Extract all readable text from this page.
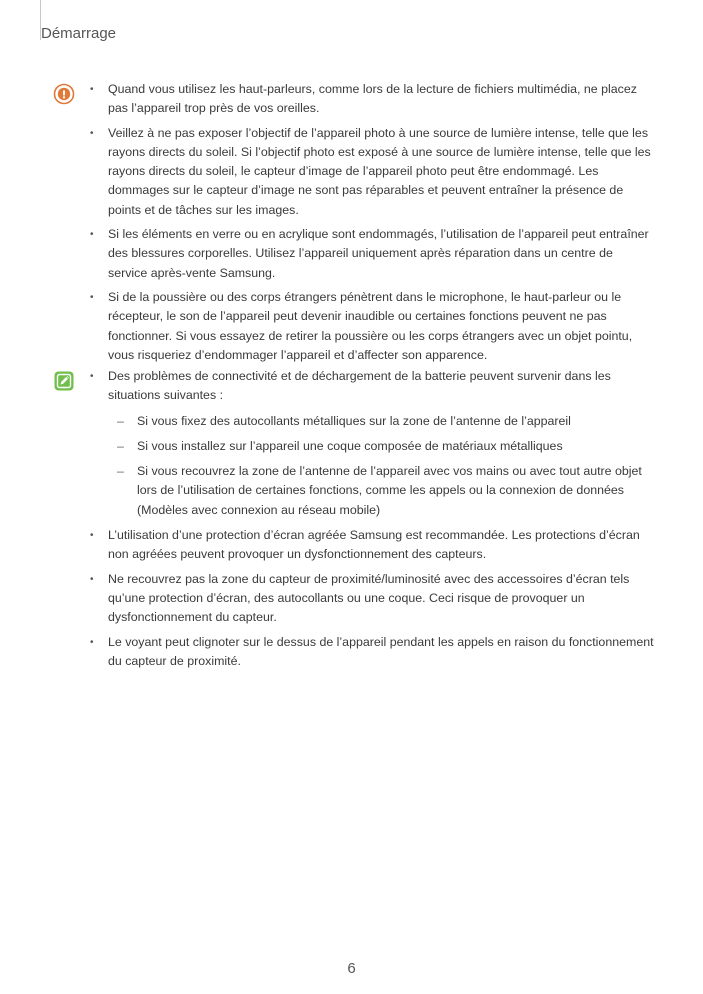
Démarrage
• Quand vous utilisez les haut-parleurs, comme lors de la lecture de fichiers multimédia, ne placez pas l’appareil trop près de vos oreilles.
• Veillez à ne pas exposer l’objectif de l’appareil photo à une source de lumière intense, telle que les rayons directs du soleil. Si l’objectif photo est exposé à une source de lumière intense, telle que les rayons directs du soleil, le capteur d’image de l’appareil photo peut être endommagé. Les dommages sur le capteur d’image ne sont pas réparables et peuvent entraîner la présence de points et de tâches sur les images.
• Si les éléments en verre ou en acrylique sont endommagés, l’utilisation de l’appareil peut entraîner des blessures corporelles. Utilisez l’appareil uniquement après réparation dans un centre de service après-vente Samsung.
• Si de la poussière ou des corps étrangers pénètrent dans le microphone, le haut-parleur ou le récepteur, le son de l’appareil peut devenir inaudible ou certaines fonctions peuvent ne pas fonctionner. Si vous essayez de retirer la poussière ou les corps étrangers avec un objet pointu, vous risqueriez d’endommager l’appareil et d’affecter son apparence.
• Des problèmes de connectivité et de déchargement de la batterie peuvent survenir dans les situations suivantes :
– Si vous fixez des autocollants métalliques sur la zone de l’antenne de l’appareil
– Si vous installez sur l’appareil une coque composée de matériaux métalliques
– Si vous recouvrez la zone de l’antenne de l’appareil avec vos mains ou avec tout autre objet lors de l’utilisation de certaines fonctions, comme les appels ou la connexion de données (Modèles avec connexion au réseau mobile)
• L’utilisation d’une protection d’écran agréée Samsung est recommandée. Les protections d’écran non agréées peuvent provoquer un dysfonctionnement des capteurs.
• Ne recouvrez pas la zone du capteur de proximité/luminosité avec des accessoires d’écran tels qu’une protection d’écran, des autocollants ou une coque. Ceci risque de provoquer un dysfonctionnement du capteur.
• Le voyant peut clignoter sur le dessus de l’appareil pendant les appels en raison du fonctionnement du capteur de proximité.
6
